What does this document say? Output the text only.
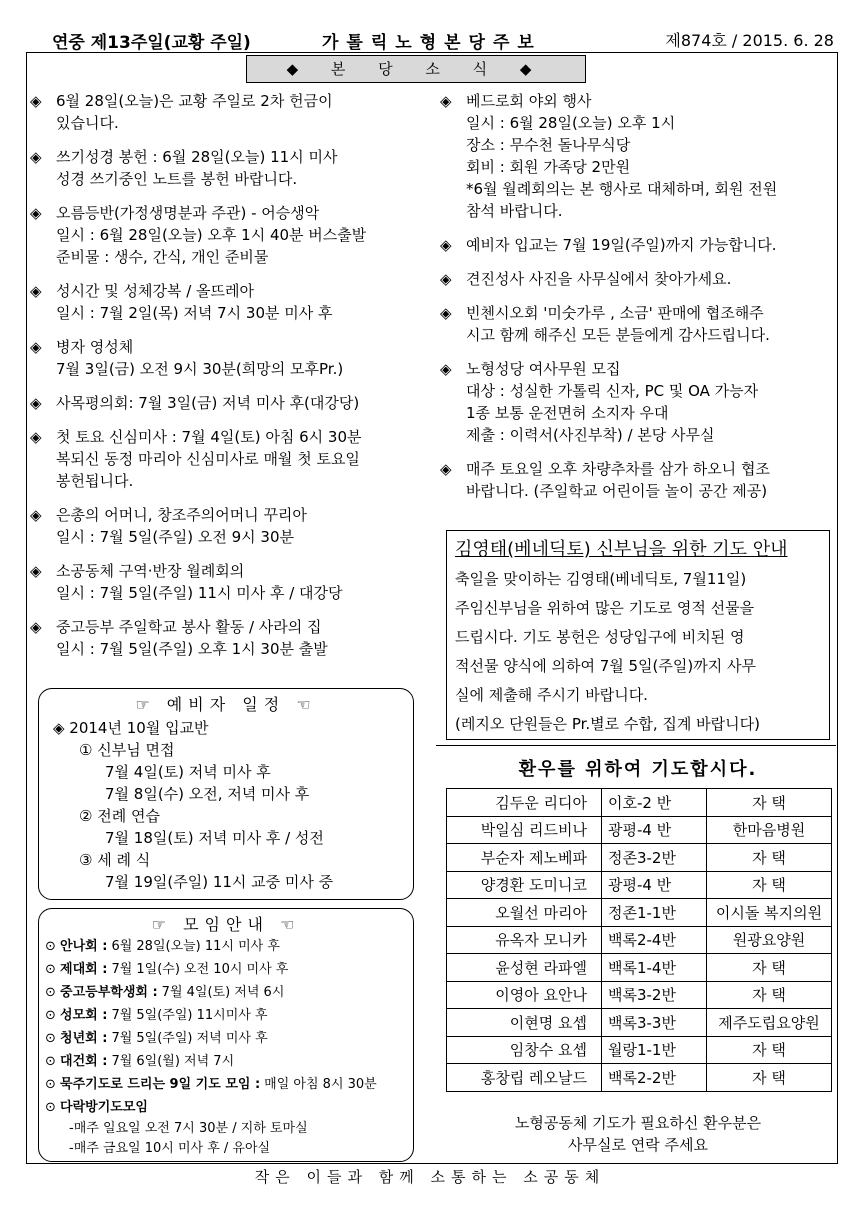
연중 제13주일(교황 주일)	가톨릭노형본당주보	제874호 / 2015. 6. 28
◆ 본 당 소 식 ◆
◈ 6월 28일(오늘)은 교황 주일로 2차 헌금이
있습니다.
◈ 쓰기성경 봉헌 : 6월 28일(오늘) 11시 미사
성경 쓰기중인 노트를 봉헌 바랍니다.
◈ 오름등반(가정생명분과 주관) - 어승생악
일시 : 6월 28일(오늘) 오후 1시 40분 버스출발
준비물 : 생수, 간식, 개인 준비물
◈ 성시간 및 성체강복 / 올뜨레아
일시 : 7월 2일(목) 저녁 7시 30분 미사 후
◈ 병자 영성체
7월 3일(금) 오전 9시 30분(희망의 모후Pr.)
◈ 사목평의회: 7월 3일(금) 저녁 미사 후(대강당)
◈ 첫 토요 신심미사 : 7월 4일(토) 아침 6시 30분
복되신 동정 마리아 신심미사로 매월 첫 토요일
봉헌됩니다.
◈ 은총의 어머니, 창조주의어머니 꾸리아
일시 : 7월 5일(주일) 오전 9시 30분
◈ 소공동체 구역·반장 월례회의
일시 : 7월 5일(주일) 11시 미사 후 / 대강당
◈ 중고등부 주일학교 봉사 활동 / 사라의 집
일시 : 7월 5일(주일) 오후 1시 30분 출발
◈ 베드로회 야외 행사
일시 : 6월 28일(오늘) 오후 1시
장소 : 무수천 돌나무식당
회비 : 회원 가족당 2만원
*6월 월례회의는 본 행사로 대체하며, 회원 전원
참석 바랍니다.
◈ 예비자 입교는 7월 19일(주일)까지 가능합니다.
◈ 견진성사 사진을 사무실에서 찾아가세요.
◈ 빈첸시오회 '미숫가루 , 소금' 판매에 협조해주
시고 함께 해주신 모든 분들에게 감사드립니다.
◈ 노형성당 여사무원 모집
대상 : 성실한 가톨릭 신자, PC 및 OA 가능자
1종 보통 운전면허 소지자 우대
제출 : 이력서(사진부착) / 본당 사무실
◈ 매주 토요일 오후 차량추차를 삼가 하오니 협조
바랍니다. (주일학교 어린이들 놀이 공간 제공)
☞ 예비자 일정 ☜
◈ 2014년 10월 입교반
① 신부님 면접
7월 4일(토) 저녁 미사 후
7월 8일(수) 오전, 저녁 미사 후
② 전례 연습
7월 18일(토) 저녁 미사 후 / 성전
③ 세 례 식
7월 19일(주일) 11시 교중 미사 중
☞ 모임안내 ☜
⊙ 안나회 : 6월 28일(오늘) 11시 미사 후
⊙ 제대회 : 7월 1일(수) 오전 10시 미사 후
⊙ 중고등부학생회 : 7월 4일(토) 저녁 6시
⊙ 성모회 : 7월 5일(주일) 11시미사 후
⊙ 청년회 : 7월 5일(주일) 저녁 미사 후
⊙ 대건회 : 7월 6일(월) 저녁 7시
⊙ 묵주기도로 드리는 9일 기도 모임 : 매일 아침 8시 30분
⊙ 다락방기도모임
-매주 일요일 오전 7시 30분 / 지하 토마실
-매주 금요일 10시 미사 후 / 유아실
김영태(베네딕토) 신부님을 위한 기도 안내
축일을 맞이하는 김영태(베네딕토, 7월11일)
주임신부님을 위하여 많은 기도로 영적 선물을
드립시다. 기도 봉헌은 성당입구에 비치된 영
적선물 양식에 의하여 7월 5일(주일)까지 사무
실에 제출해 주시기 바랍니다.
(레지오 단원들은 Pr.별로 수합, 집계 바랍니다)
환우를 위하여 기도합시다.
김두운 리디아	이호-2 반	자 택
박일심 리드비나	광평-4 반	한마음병원
부순자 제노베파	정존3-2반	자 택
양경환 도미니코	광평-4 반	자 택
오월선 마리아	정존1-1반	이시돌 복지의원
유옥자 모니카	백록2-4반	원광요양원
윤성현 라파엘	백록1-4반	자 택
이영아 요안나	백록3-2반	자 택
이현명 요셉	백록3-3반	제주도립요양원
임창수 요셉	월랑1-1반	자 택
홍창립 레오날드	백록2-2반	자 택
노형공동체 기도가 필요하신 환우분은
사무실로 연락 주세요
작은 이들과 함께 소통하는 소공동체
